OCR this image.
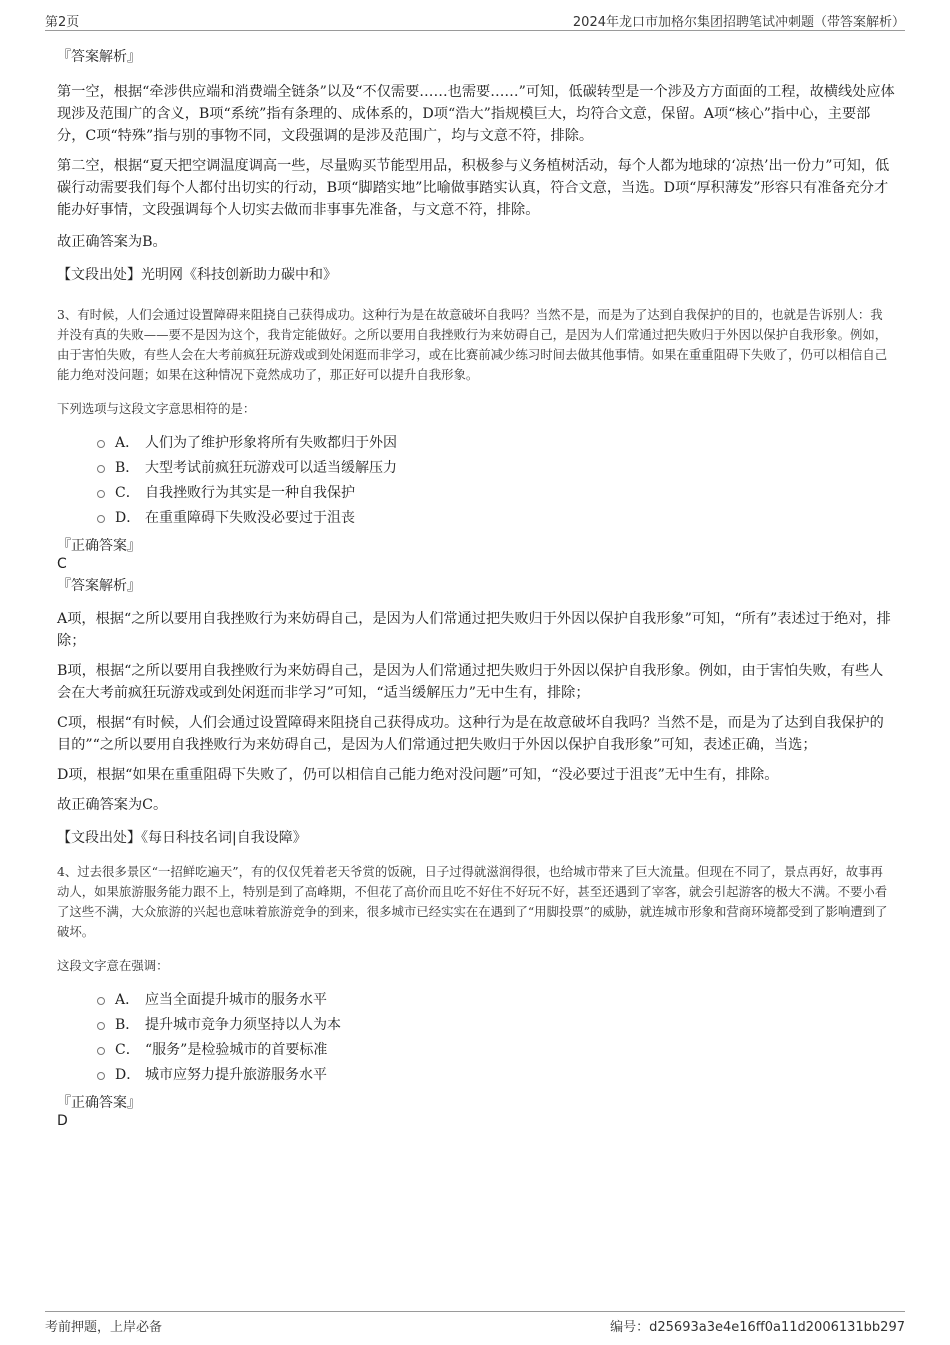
第2页	2024年龙口市加格尔集团招聘笔试冲刺题（带答案解析）
『答案解析』

第一空，根据“牵涉供应端和消费端全链条”以及“不仅需要……也需要……”可知，低碳转型是一个涉及方方面面的工程，故横线处应体现涉及范围广的含义，B项“系统”指有条理的、成体系的，D项“浩大”指规模巨大，均符合文意，保留。A项“核心”指中心，主要部分，C项“特殊”指与别的事物不同，文段强调的是涉及范围广，均与文意不符，排除。

第二空，根据“夏天把空调温度调高一些，尽量购买节能型用品，积极参与义务植树活动，每个人都为地球的‘凉热’出一份力”可知，低碳行动需要我们每个人都付出切实的行动，B项“脚踏实地”比喻做事踏实认真，符合文意，当选。D项“厚积薄发”形容只有准备充分才能办好事情，文段强调每个人切实去做而非事事先准备，与文意不符，排除。

故正确答案为B。

【文段出处】光明网《科技创新助力碳中和》

3、有时候，人们会通过设置障碍来阻挠自己获得成功。这种行为是在故意破坏自我吗？当然不是，而是为了达到自我保护的目的，也就是告诉别人：我并没有真的失败——要不是因为这个，我肯定能做好。之所以要用自我挫败行为来妨碍自己，是因为人们常通过把失败归于外因以保护自我形象。例如，由于害怕失败，有些人会在大考前疯狂玩游戏或到处闲逛而非学习，或在比赛前减少练习时间去做其他事情。如果在重重阻碍下失败了，仍可以相信自己能力绝对没问题；如果在这种情况下竟然成功了，那正好可以提升自我形象。

下列选项与这段文字意思相符的是：

A． 人们为了维护形象将所有失败都归于外因
B． 大型考试前疯狂玩游戏可以适当缓解压力
C． 自我挫败行为其实是一种自我保护
D． 在重重障碍下失败没必要过于沮丧
『正确答案』
C
『答案解析』

A项，根据“之所以要用自我挫败行为来妨碍自己，是因为人们常通过把失败归于外因以保护自我形象”可知，“所有”表述过于绝对，排除；

B项，根据“之所以要用自我挫败行为来妨碍自己，是因为人们常通过把失败归于外因以保护自我形象。例如，由于害怕失败，有些人会在大考前疯狂玩游戏或到处闲逛而非学习”可知，“适当缓解压力”无中生有，排除；

C项，根据“有时候，人们会通过设置障碍来阻挠自己获得成功。这种行为是在故意破坏自我吗？当然不是，而是为了达到自我保护的目的”“之所以要用自我挫败行为来妨碍自己，是因为人们常通过把失败归于外因以保护自我形象”可知，表述正确，当选；

D项，根据“如果在重重阻碍下失败了，仍可以相信自己能力绝对没问题”可知，“没必要过于沮丧”无中生有，排除。

故正确答案为C。

【文段出处】《每日科技名词|自我设障》

4、过去很多景区“一招鲜吃遍天”，有的仅仅凭着老天爷赏的饭碗，日子过得就滋润得很，也给城市带来了巨大流量。但现在不同了，景点再好，故事再动人，如果旅游服务能力跟不上，特别是到了高峰期，不但花了高价而且吃不好住不好玩不好，甚至还遇到了宰客，就会引起游客的极大不满。不要小看了这些不满，大众旅游的兴起也意味着旅游竞争的到来，很多城市已经实实在在遇到了“用脚投票”的威胁，就连城市形象和营商环境都受到了影响遭到了破坏。

这段文字意在强调：

A． 应当全面提升城市的服务水平
B． 提升城市竞争力须坚持以人为本
C． “服务”是检验城市的首要标准
D． 城市应努力提升旅游服务水平
『正确答案』
D
考前押题，上岸必备	编号：d25693a3e4e16ff0a11d2006131bb297
